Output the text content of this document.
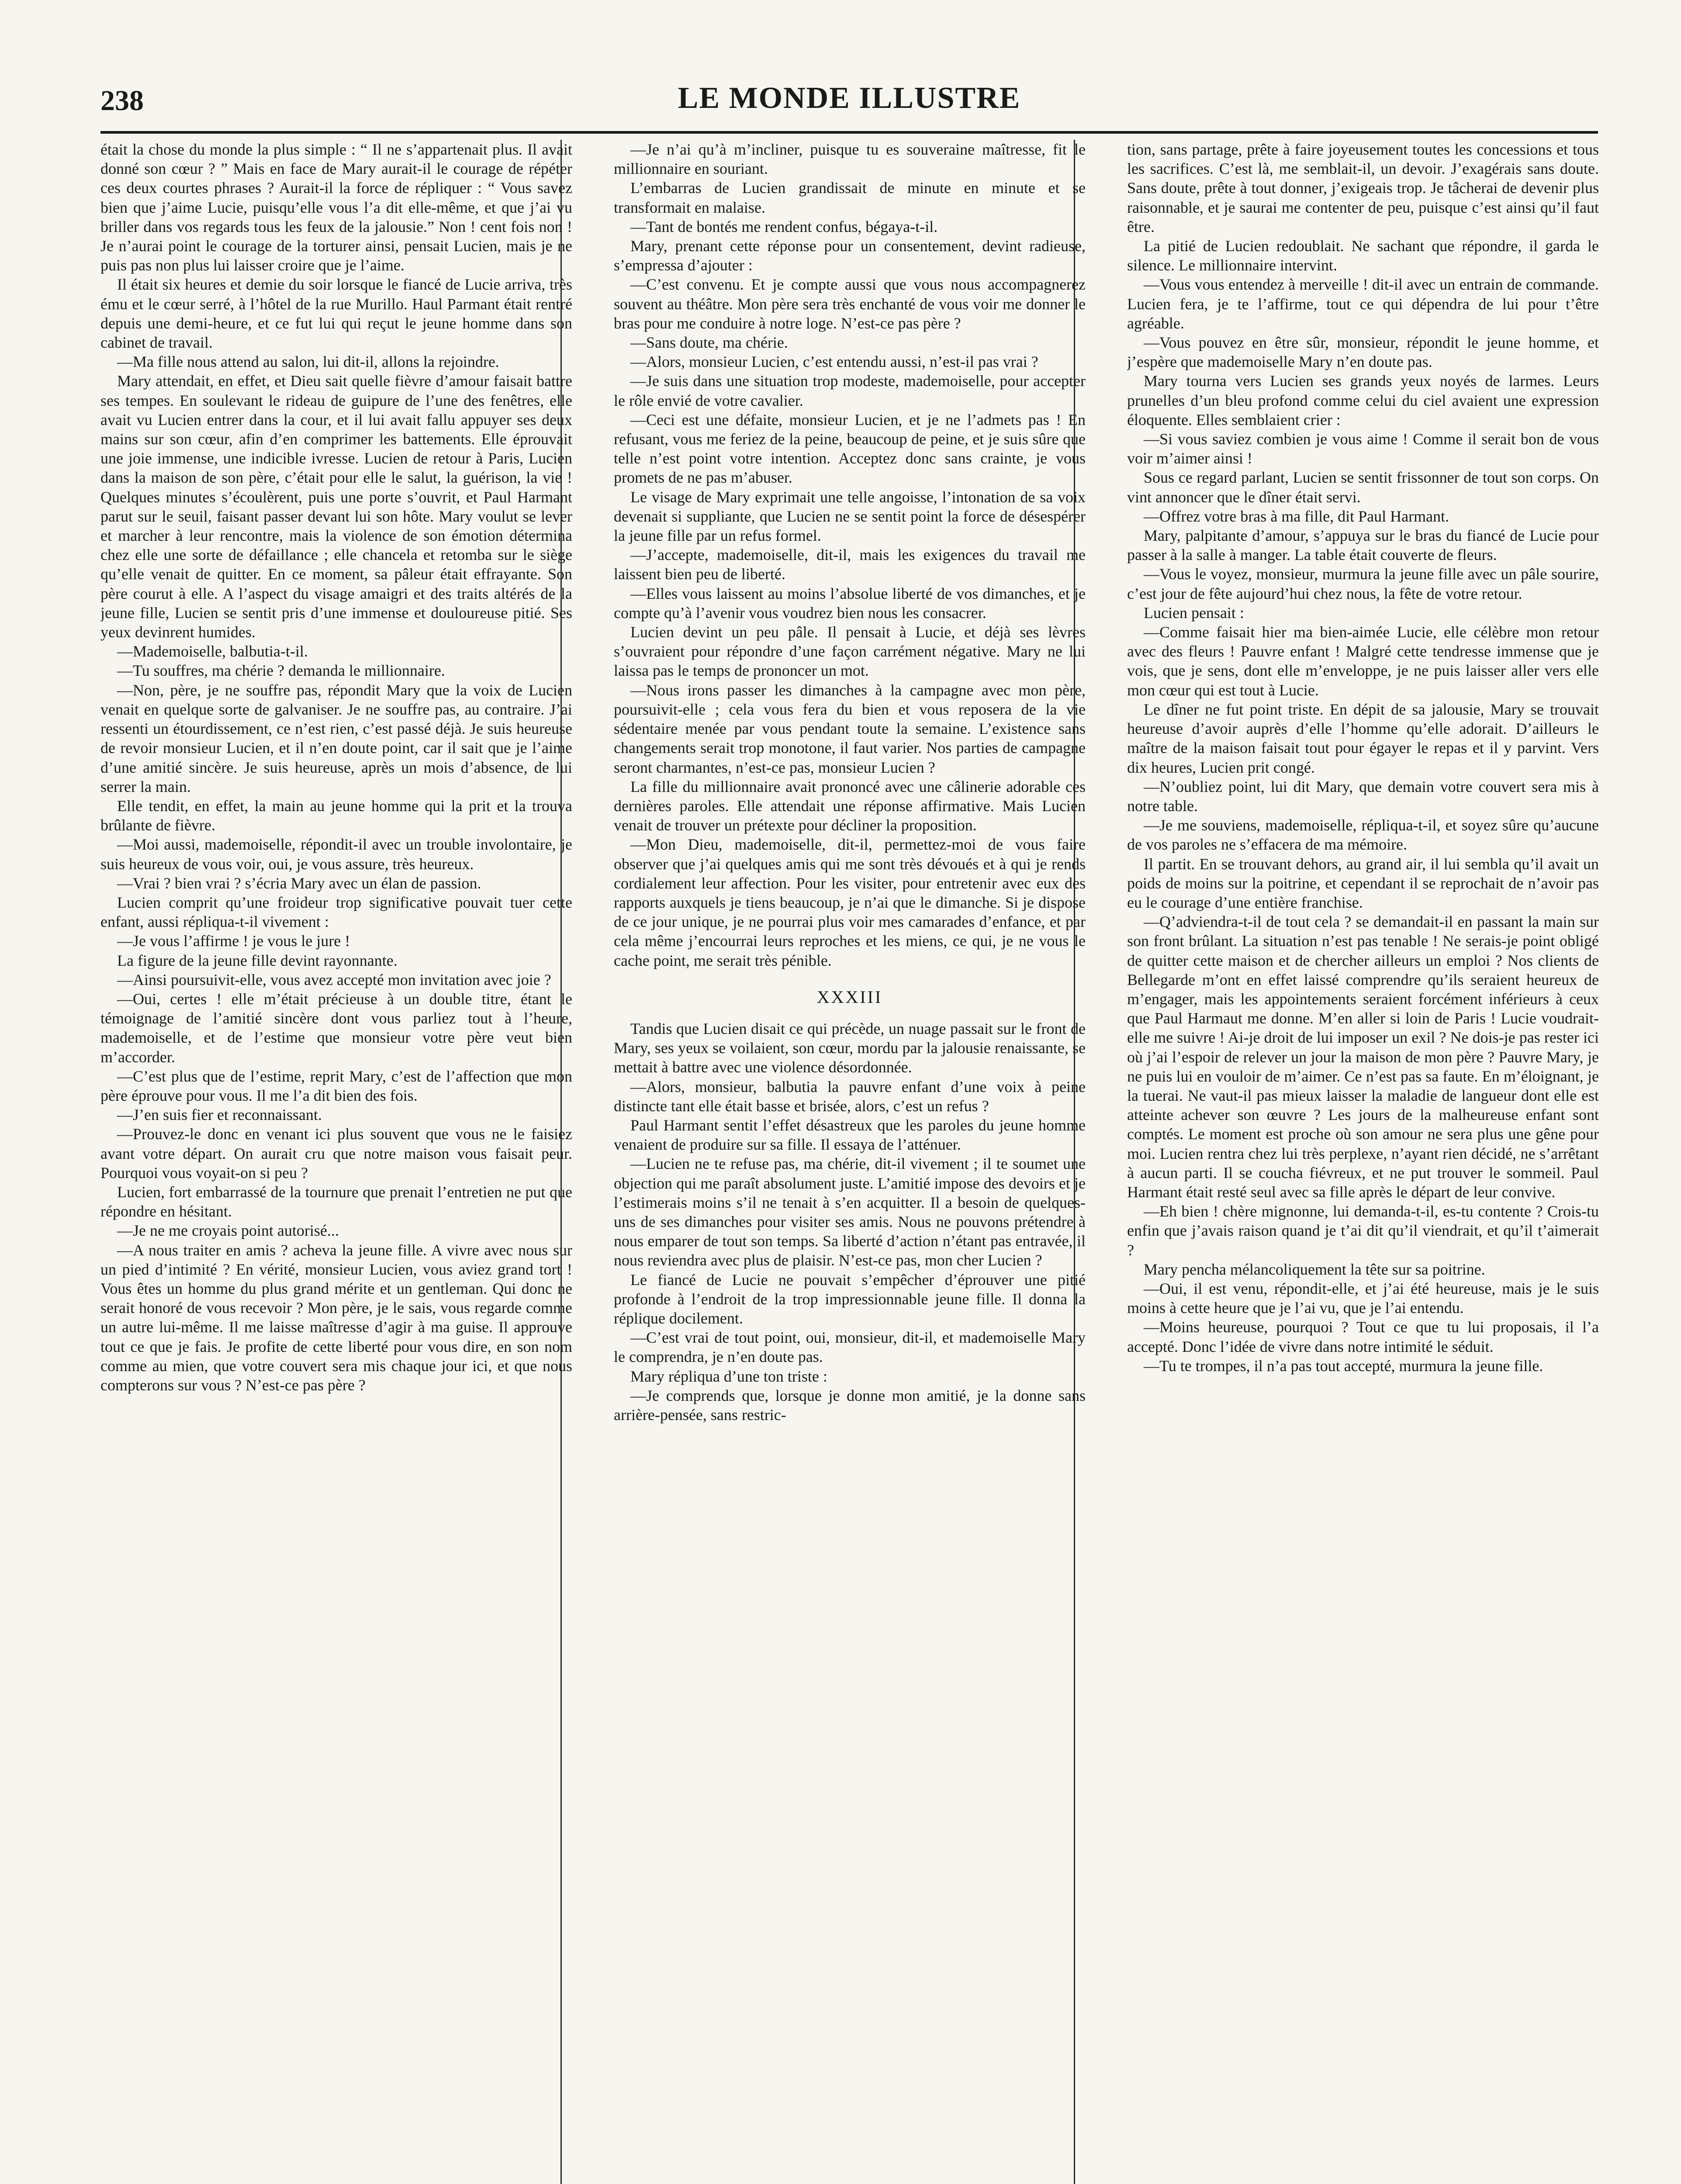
238	LE MONDE ILLUSTRE

était la chose du monde la plus simple : “ Il ne s’appartenait plus. Il avait donné son cœur ? ” Mais en face de Mary aurait-il le courage de répéter ces deux courtes phrases ? Aurait-il la force de répliquer : “ Vous savez bien que j’aime Lucie, puisqu’elle vous l’a dit elle-même, et que j’ai vu briller dans vos regards tous les feux de la jalousie.” Non ! cent fois non ! Je n’aurai point le courage de la torturer ainsi, pensait Lucien, mais je ne puis pas non plus lui laisser croire que je l’aime.

Il était six heures et demie du soir lorsque le fiancé de Lucie arriva, très ému et le cœur serré, à l’hôtel de la rue Murillo. Haul Parmant était rentré depuis une demi-heure, et ce fut lui qui reçut le jeune homme dans son cabinet de travail.

—Ma fille nous attend au salon, lui dit-il, allons la rejoindre.

Mary attendait, en effet, et Dieu sait quelle fièvre d’amour faisait battre ses tempes. En soulevant le rideau de guipure de l’une des fenêtres, elle avait vu Lucien entrer dans la cour, et il lui avait fallu appuyer ses deux mains sur son cœur, afin d’en comprimer les battements. Elle éprouvait une joie immense, une indicible ivresse. Lucien de retour à Paris, Lucien dans la maison de son père, c’était pour elle le salut, la guérison, la vie ! Quelques minutes s’écoulèrent, puis une porte s’ouvrit, et Paul Harmant parut sur le seuil, faisant passer devant lui son hôte. Mary voulut se lever et marcher à leur rencontre, mais la violence de son émotion détermina chez elle une sorte de défaillance ; elle chancela et retomba sur le siège qu’elle venait de quitter. En ce moment, sa pâleur était effrayante. Son père courut à elle. A l’aspect du visage amaigri et des traits altérés de la jeune fille, Lucien se sentit pris d’une immense et douloureuse pitié. Ses yeux devinrent humides.

—Mademoiselle, balbutia-t-il.

—Tu souffres, ma chérie ? demanda le millionnaire.

—Non, père, je ne souffre pas, répondit Mary que la voix de Lucien venait en quelque sorte de galvaniser. Je ne souffre pas, au contraire. J’ai ressenti un étourdissement, ce n’est rien, c’est passé déjà. Je suis heureuse de revoir monsieur Lucien, et il n’en doute point, car il sait que je l’aime d’une amitié sincère. Je suis heureuse, après un mois d’absence, de lui serrer la main.

Elle tendit, en effet, la main au jeune homme qui la prit et la trouva brûlante de fièvre.

—Moi aussi, mademoiselle, répondit-il avec un trouble involontaire, je suis heureux de vous voir, oui, je vous assure, très heureux.

—Vrai ? bien vrai ? s’écria Mary avec un élan de passion.

Lucien comprit qu’une froideur trop significative pouvait tuer cette enfant, aussi répliqua-t-il vivement :

—Je vous l’affirme ! je vous le jure !

La figure de la jeune fille devint rayonnante.

—Ainsi poursuivit-elle, vous avez accepté mon invitation avec joie ?

—Oui, certes ! elle m’était précieuse à un double titre, étant le témoignage de l’amitié sincère dont vous parliez tout à l’heure, mademoiselle, et de l’estime que monsieur votre père veut bien m’accorder.

—C’est plus que de l’estime, reprit Mary, c’est de l’affection que mon père éprouve pour vous. Il me l’a dit bien des fois.

—J’en suis fier et reconnaissant.

—Prouvez-le donc en venant ici plus souvent que vous ne le faisiez avant votre départ. On aurait cru que notre maison vous faisait peur. Pourquoi vous voyait-on si peu ?

Lucien, fort embarrassé de la tournure que prenait l’entretien ne put que répondre en hésitant.

—Je ne me croyais point autorisé...

—A nous traiter en amis ? acheva la jeune fille. A vivre avec nous sur un pied d’intimité ? En vérité, monsieur Lucien, vous aviez grand tort ! Vous êtes un homme du plus grand mérite et un gentleman. Qui donc ne serait honoré de vous recevoir ? Mon père, je le sais, vous regarde comme un autre lui-même. Il me laisse maîtresse d’agir à ma guise. Il approuve tout ce que je fais. Je profite de cette liberté pour vous dire, en son nom comme au mien, que votre couvert sera mis chaque jour ici, et que nous compterons sur vous ? N’est-ce pas père ?

—Je n’ai qu’à m’incliner, puisque tu es souveraine maîtresse, fit le millionnaire en souriant.

L’embarras de Lucien grandissait de minute en minute et se transformait en malaise.

—Tant de bontés me rendent confus, bégaya-t-il.

Mary, prenant cette réponse pour un consentement, devint radieuse, s’empressa d’ajouter :

—C’est convenu. Et je compte aussi que vous nous accompagnerez souvent au théâtre. Mon père sera très enchanté de vous voir me donner le bras pour me conduire à notre loge. N’est-ce pas père ?

—Sans doute, ma chérie.

—Alors, monsieur Lucien, c’est entendu aussi, n’est-il pas vrai ?

—Je suis dans une situation trop modeste, mademoiselle, pour accepter le rôle envié de votre cavalier.

—Ceci est une défaite, monsieur Lucien, et je ne l’admets pas ! En refusant, vous me feriez de la peine, beaucoup de peine, et je suis sûre que telle n’est point votre intention. Acceptez donc sans crainte, je vous promets de ne pas m’abuser.

Le visage de Mary exprimait une telle angoisse, l’intonation de sa voix devenait si suppliante, que Lucien ne se sentit point la force de désespérer la jeune fille par un refus formel.

—J’accepte, mademoiselle, dit-il, mais les exigences du travail me laissent bien peu de liberté.

—Elles vous laissent au moins l’absolue liberté de vos dimanches, et je compte qu’à l’avenir vous voudrez bien nous les consacrer.

Lucien devint un peu pâle. Il pensait à Lucie, et déjà ses lèvres s’ouvraient pour répondre d’une façon carrément négative. Mary ne lui laissa pas le temps de prononcer un mot.

—Nous irons passer les dimanches à la campagne avec mon père, poursuivit-elle ; cela vous fera du bien et vous reposera de la vie sédentaire menée par vous pendant toute la semaine. L’existence sans changements serait trop monotone, il faut varier. Nos parties de campagne seront charmantes, n’est-ce pas, monsieur Lucien ?

La fille du millionnaire avait prononcé avec une câlinerie adorable ces dernières paroles. Elle attendait une réponse affirmative. Mais Lucien venait de trouver un prétexte pour décliner la proposition.

—Mon Dieu, mademoiselle, dit-il, permettez-moi de vous faire observer que j’ai quelques amis qui me sont très dévoués et à qui je rends cordialement leur affection. Pour les visiter, pour entretenir avec eux des rapports auxquels je tiens beaucoup, je n’ai que le dimanche. Si je dispose de ce jour unique, je ne pourrai plus voir mes camarades d’enfance, et par cela même j’encourrai leurs reproches et les miens, ce qui, je ne vous le cache point, me serait très pénible.

XXXIII

Tandis que Lucien disait ce qui précède, un nuage passait sur le front de Mary, ses yeux se voilaient, son cœur, mordu par la jalousie renaissante, se mettait à battre avec une violence désordonnée.

—Alors, monsieur, balbutia la pauvre enfant d’une voix à peine distincte tant elle était basse et brisée, alors, c’est un refus ?

Paul Harmant sentit l’effet désastreux que les paroles du jeune homme venaient de produire sur sa fille. Il essaya de l’atténuer.

—Lucien ne te refuse pas, ma chérie, dit-il vivement ; il te soumet une objection qui me paraît absolument juste. L’amitié impose des devoirs et je l’estimerais moins s’il ne tenait à s’en acquitter. Il a besoin de quelques-uns de ses dimanches pour visiter ses amis. Nous ne pouvons prétendre à nous emparer de tout son temps. Sa liberté d’action n’étant pas entravée, il nous reviendra avec plus de plaisir. N’est-ce pas, mon cher Lucien ?

Le fiancé de Lucie ne pouvait s’empêcher d’éprouver une pitié profonde à l’endroit de la trop impressionnable jeune fille. Il donna la réplique docilement.

—C’est vrai de tout point, oui, monsieur, dit-il, et mademoiselle Mary le comprendra, je n’en doute pas.

Mary répliqua d’une ton triste :

—Je comprends que, lorsque je donne mon amitié, je la donne sans arrière-pensée, sans restric-

tion, sans partage, prête à faire joyeusement toutes les concessions et tous les sacrifices. C’est là, me semblait-il, un devoir. J’exagérais sans doute. Sans doute, prête à tout donner, j’exigeais trop. Je tâcherai de devenir plus raisonnable, et je saurai me contenter de peu, puisque c’est ainsi qu’il faut être.

La pitié de Lucien redoublait. Ne sachant que répondre, il garda le silence. Le millionnaire intervint.

—Vous vous entendez à merveille ! dit-il avec un entrain de commande. Lucien fera, je te l’affirme, tout ce qui dépendra de lui pour t’être agréable.

—Vous pouvez en être sûr, monsieur, répondit le jeune homme, et j’espère que mademoiselle Mary n’en doute pas.

Mary tourna vers Lucien ses grands yeux noyés de larmes. Leurs prunelles d’un bleu profond comme celui du ciel avaient une expression éloquente. Elles semblaient crier :

—Si vous saviez combien je vous aime ! Comme il serait bon de vous voir m’aimer ainsi !

Sous ce regard parlant, Lucien se sentit frissonner de tout son corps. On vint annoncer que le dîner était servi.

—Offrez votre bras à ma fille, dit Paul Harmant.

Mary, palpitante d’amour, s’appuya sur le bras du fiancé de Lucie pour passer à la salle à manger. La table était couverte de fleurs.

—Vous le voyez, monsieur, murmura la jeune fille avec un pâle sourire, c’est jour de fête aujourd’hui chez nous, la fête de votre retour.

Lucien pensait :

—Comme faisait hier ma bien-aimée Lucie, elle célèbre mon retour avec des fleurs ! Pauvre enfant ! Malgré cette tendresse immense que je vois, que je sens, dont elle m’enveloppe, je ne puis laisser aller vers elle mon cœur qui est tout à Lucie.

Le dîner ne fut point triste. En dépit de sa jalousie, Mary se trouvait heureuse d’avoir auprès d’elle l’homme qu’elle adorait. D’ailleurs le maître de la maison faisait tout pour égayer le repas et il y parvint. Vers dix heures, Lucien prit congé.

—N’oubliez point, lui dit Mary, que demain votre couvert sera mis à notre table.

—Je me souviens, mademoiselle, répliqua-t-il, et soyez sûre qu’aucune de vos paroles ne s’effacera de ma mémoire.

Il partit. En se trouvant dehors, au grand air, il lui sembla qu’il avait un poids de moins sur la poitrine, et cependant il se reprochait de n’avoir pas eu le courage d’une entière franchise.

—Q’adviendra-t-il de tout cela ? se demandait-il en passant la main sur son front brûlant. La situation n’est pas tenable ! Ne serais-je point obligé de quitter cette maison et de chercher ailleurs un emploi ? Nos clients de Bellegarde m’ont en effet laissé comprendre qu’ils seraient heureux de m’engager, mais les appointements seraient forcément inférieurs à ceux que Paul Harmaut me donne. M’en aller si loin de Paris ! Lucie voudrait-elle me suivre ! Ai-je droit de lui imposer un exil ? Ne dois-je pas rester ici où j’ai l’espoir de relever un jour la maison de mon père ? Pauvre Mary, je ne puis lui en vouloir de m’aimer. Ce n’est pas sa faute. En m’éloignant, je la tuerai. Ne vaut-il pas mieux laisser la maladie de langueur dont elle est atteinte achever son œuvre ? Les jours de la malheureuse enfant sont comptés. Le moment est proche où son amour ne sera plus une gêne pour moi. Lucien rentra chez lui très perplexe, n’ayant rien décidé, ne s’arrêtant à aucun parti. Il se coucha fiévreux, et ne put trouver le sommeil. Paul Harmant était resté seul avec sa fille après le départ de leur convive.

—Eh bien ! chère mignonne, lui demanda-t-il, es-tu contente ? Crois-tu enfin que j’avais raison quand je t’ai dit qu’il viendrait, et qu’il t’aimerait ?

Mary pencha mélancoliquement la tête sur sa poitrine.

—Oui, il est venu, répondit-elle, et j’ai été heureuse, mais je le suis moins à cette heure que je l’ai vu, que je l’ai entendu.

—Moins heureuse, pourquoi ? Tout ce que tu lui proposais, il l’a accepté. Donc l’idée de vivre dans notre intimité le séduit.

—Tu te trompes, il n’a pas tout accepté, murmura la jeune fille.
